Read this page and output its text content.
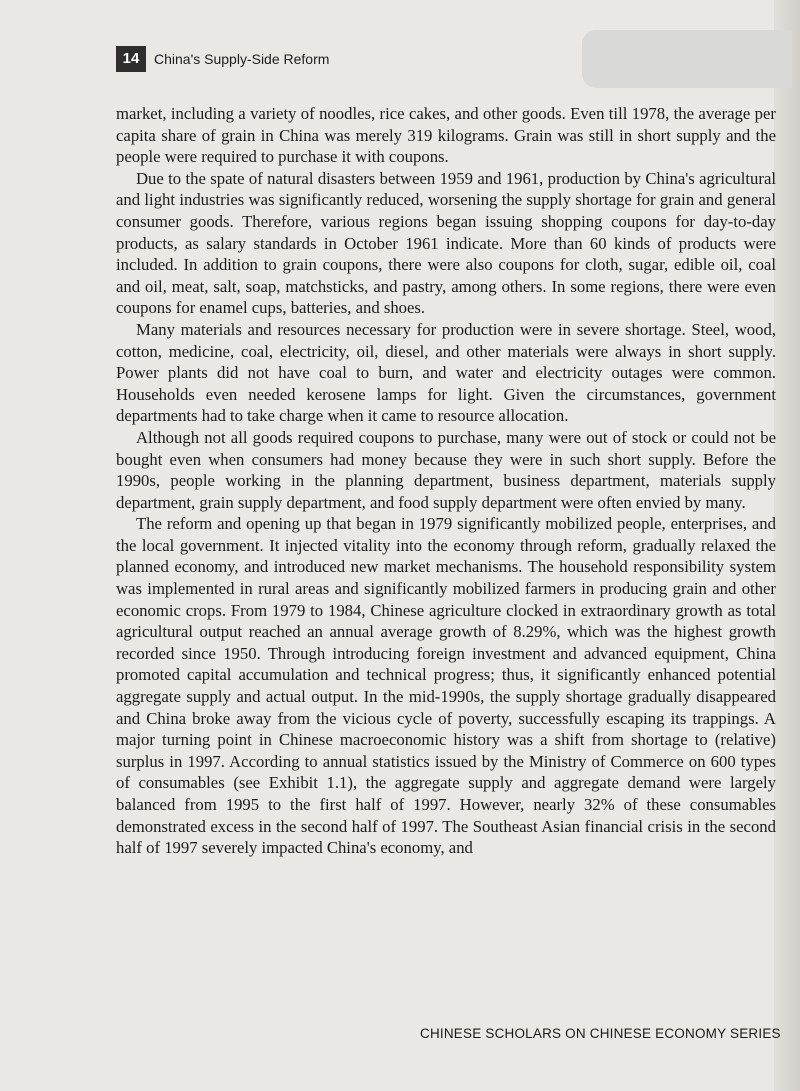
14	China's Supply-Side Reform

market, including a variety of noodles, rice cakes, and other goods. Even till 1978, the average per capita share of grain in China was merely 319 kilograms. Grain was still in short supply and the people were required to purchase it with coupons.

Due to the spate of natural disasters between 1959 and 1961, production by China's agricultural and light industries was significantly reduced, worsening the supply shortage for grain and general consumer goods. Therefore, various regions began issuing shopping coupons for day-to-day products, as salary standards in October 1961 indicate. More than 60 kinds of products were included. In addition to grain coupons, there were also coupons for cloth, sugar, edible oil, coal and oil, meat, salt, soap, matchsticks, and pastry, among others. In some regions, there were even coupons for enamel cups, batteries, and shoes.

Many materials and resources necessary for production were in severe shortage. Steel, wood, cotton, medicine, coal, electricity, oil, diesel, and other materials were always in short supply. Power plants did not have coal to burn, and water and electricity outages were common. Households even needed kerosene lamps for light. Given the circumstances, government departments had to take charge when it came to resource allocation.

Although not all goods required coupons to purchase, many were out of stock or could not be bought even when consumers had money because they were in such short supply. Before the 1990s, people working in the planning department, business department, materials supply department, grain supply department, and food supply department were often envied by many.

The reform and opening up that began in 1979 significantly mobilized people, enterprises, and the local government. It injected vitality into the economy through reform, gradually relaxed the planned economy, and introduced new market mechanisms. The household responsibility system was implemented in rural areas and significantly mobilized farmers in producing grain and other economic crops. From 1979 to 1984, Chinese agriculture clocked in extraordinary growth as total agricultural output reached an annual average growth of 8.29%, which was the highest growth recorded since 1950. Through introducing foreign investment and advanced equipment, China promoted capital accumulation and technical progress; thus, it significantly enhanced potential aggregate supply and actual output. In the mid-1990s, the supply shortage gradually disappeared and China broke away from the vicious cycle of poverty, successfully escaping its trappings. A major turning point in Chinese macroeconomic history was a shift from shortage to (relative) surplus in 1997. According to annual statistics issued by the Ministry of Commerce on 600 types of consumables (see Exhibit 1.1), the aggregate supply and aggregate demand were largely balanced from 1995 to the first half of 1997. However, nearly 32% of these consumables demonstrated excess in the second half of 1997. The Southeast Asian financial crisis in the second half of 1997 severely impacted China's economy, and

CHINESE SCHOLARS ON CHINESE ECONOMY SERIES
